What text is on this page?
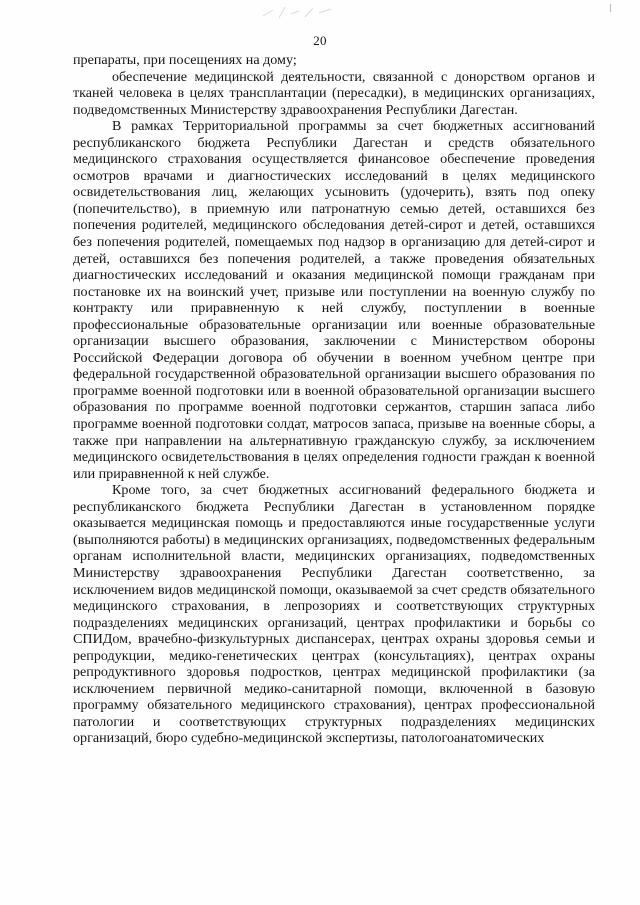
20

препараты, при посещениях на дому;

обеспечение медицинской деятельности, связанной с донорством органов и тканей человека в целях трансплантации (пересадки), в медицинских организациях, подведомственных Министерству здравоохранения Республики Дагестан.

В рамках Территориальной программы за счет бюджетных ассигнований республиканского бюджета Республики Дагестан и средств обязательного медицинского страхования осуществляется финансовое обеспечение проведения осмотров врачами и диагностических исследований в целях медицинского освидетельствования лиц, желающих усыновить (удочерить), взять под опеку (попечительство), в приемную или патронатную семью детей, оставшихся без попечения родителей, медицинского обследования детей-сирот и детей, оставшихся без попечения родителей, помещаемых под надзор в организацию для детей-сирот и детей, оставшихся без попечения родителей, а также проведения обязательных диагностических исследований и оказания медицинской помощи гражданам при постановке их на воинский учет, призыве или поступлении на военную службу по контракту или приравненную к ней службу, поступлении в военные профессиональные образовательные организации или военные образовательные организации высшего образования, заключении с Министерством обороны Российской Федерации договора об обучении в военном учебном центре при федеральной государственной образовательной организации высшего образования по программе военной подготовки или в военной образовательной организации высшего образования по программе военной подготовки сержантов, старшин запаса либо программе военной подготовки солдат, матросов запаса, призыве на военные сборы, а также при направлении на альтернативную гражданскую службу, за исключением медицинского освидетельствования в целях определения годности граждан к военной или приравненной к ней службе.

Кроме того, за счет бюджетных ассигнований федерального бюджета и республиканского бюджета Республики Дагестан в установленном порядке оказывается медицинская помощь и предоставляются иные государственные услуги (выполняются работы) в медицинских организациях, подведомственных федеральным органам исполнительной власти, медицинских организациях, подведомственных Министерству здравоохранения Республики Дагестан соответственно, за исключением видов медицинской помощи, оказываемой за счет средств обязательного медицинского страхования, в лепрозориях и соответствующих структурных подразделениях медицинских организаций, центрах профилактики и борьбы со СПИДом, врачебно-физкультурных диспансерах, центрах охраны здоровья семьи и репродукции, медико-генетических центрах (консультациях), центрах охраны репродуктивного здоровья подростков, центрах медицинской профилактики (за исключением первичной медико-санитарной помощи, включенной в базовую программу обязательного медицинского страхования), центрах профессиональной патологии и соответствующих структурных подразделениях медицинских организаций, бюро судебно-медицинской экспертизы, патологоанатомических
